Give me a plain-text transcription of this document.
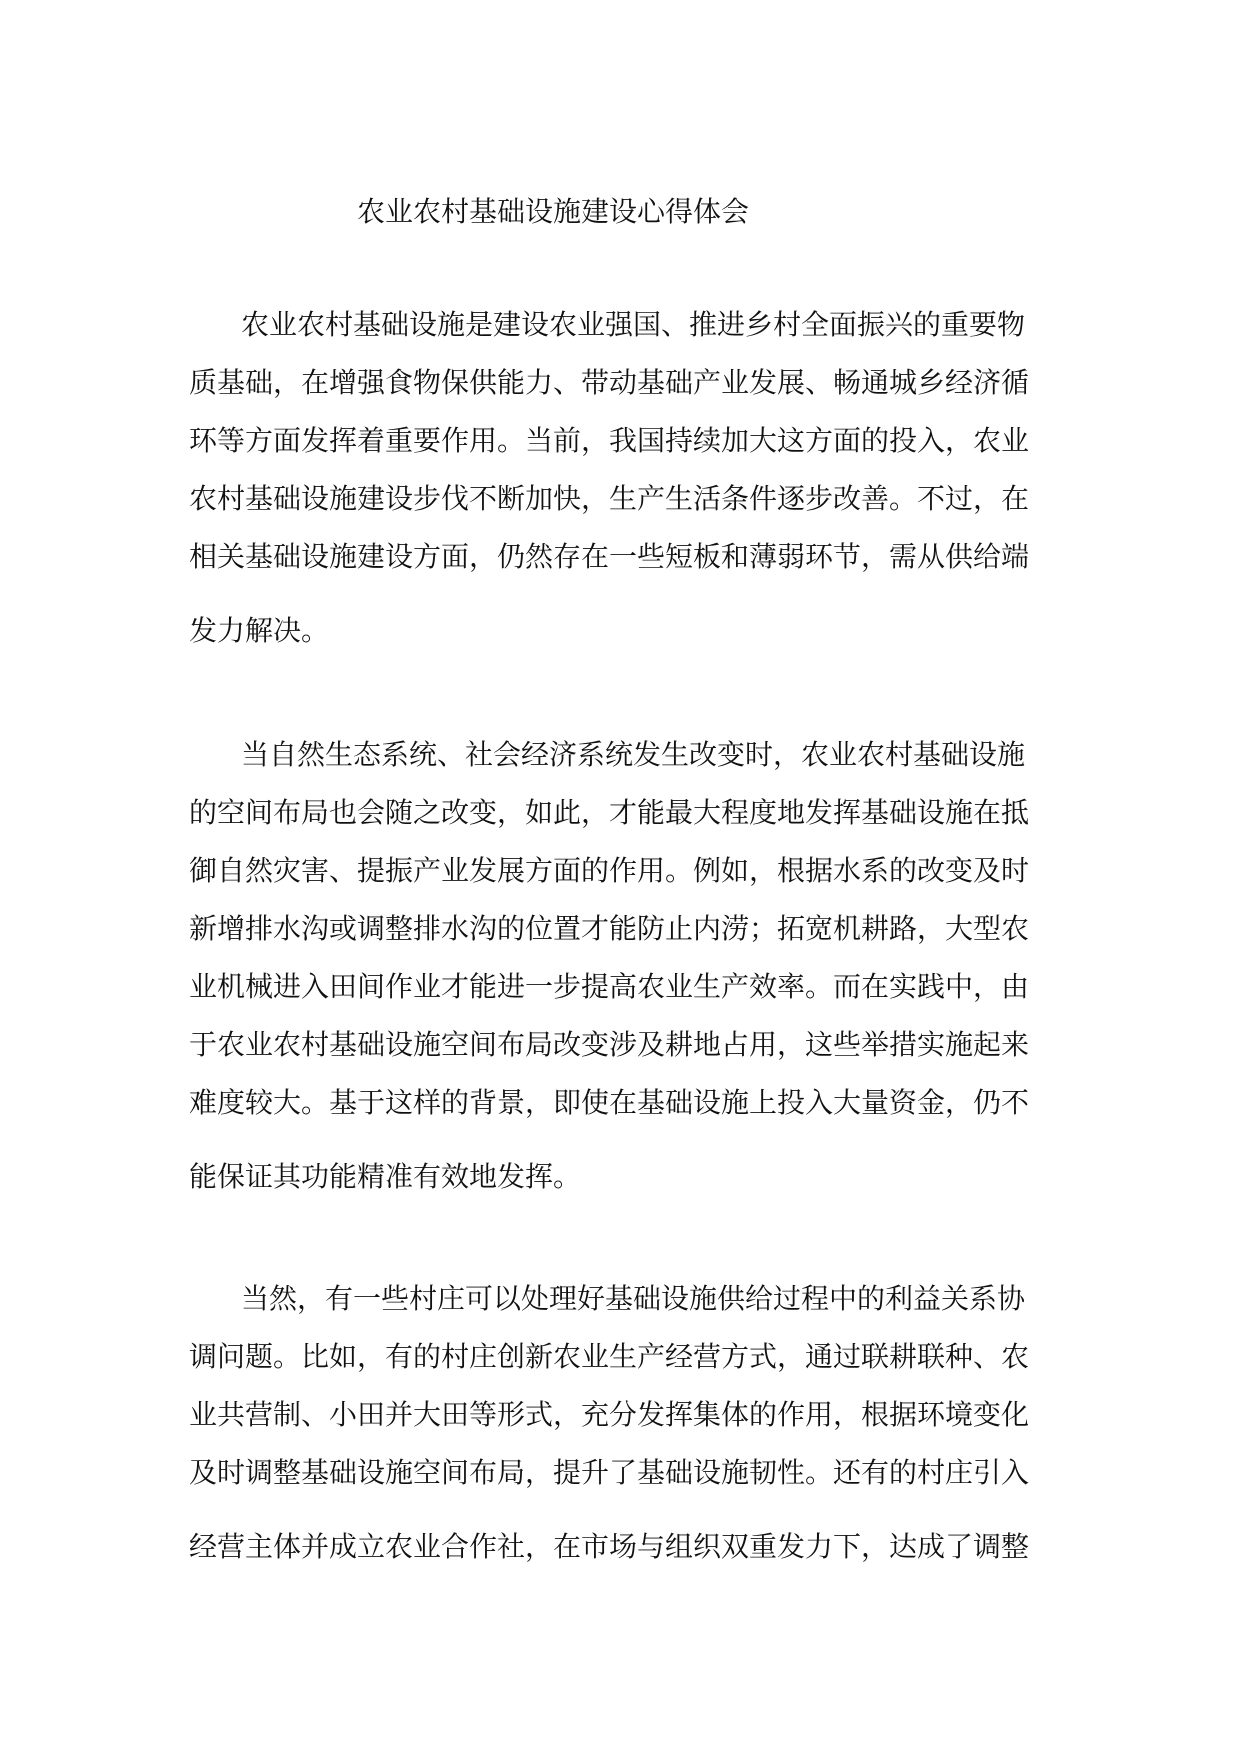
农业农村基础设施建设心得体会
农业农村基础设施是建设农业强国、推进乡村全面振兴的重要物
质基础，在增强食物保供能力、带动基础产业发展、畅通城乡经济循
环等方面发挥着重要作用。当前，我国持续加大这方面的投入，农业
农村基础设施建设步伐不断加快，生产生活条件逐步改善。不过，在
相关基础设施建设方面，仍然存在一些短板和薄弱环节，需从供给端
发力解决。
当自然生态系统、社会经济系统发生改变时，农业农村基础设施
的空间布局也会随之改变，如此，才能最大程度地发挥基础设施在抵
御自然灾害、提振产业发展方面的作用。例如，根据水系的改变及时
新增排水沟或调整排水沟的位置才能防止内涝；拓宽机耕路，大型农
业机械进入田间作业才能进一步提高农业生产效率。而在实践中，由
于农业农村基础设施空间布局改变涉及耕地占用，这些举措实施起来
难度较大。基于这样的背景，即使在基础设施上投入大量资金，仍不
能保证其功能精准有效地发挥。
当然，有一些村庄可以处理好基础设施供给过程中的利益关系协
调问题。比如，有的村庄创新农业生产经营方式，通过联耕联种、农
业共营制、小田并大田等形式，充分发挥集体的作用，根据环境变化
及时调整基础设施空间布局，提升了基础设施韧性。还有的村庄引入
经营主体并成立农业合作社，在市场与组织双重发力下，达成了调整
